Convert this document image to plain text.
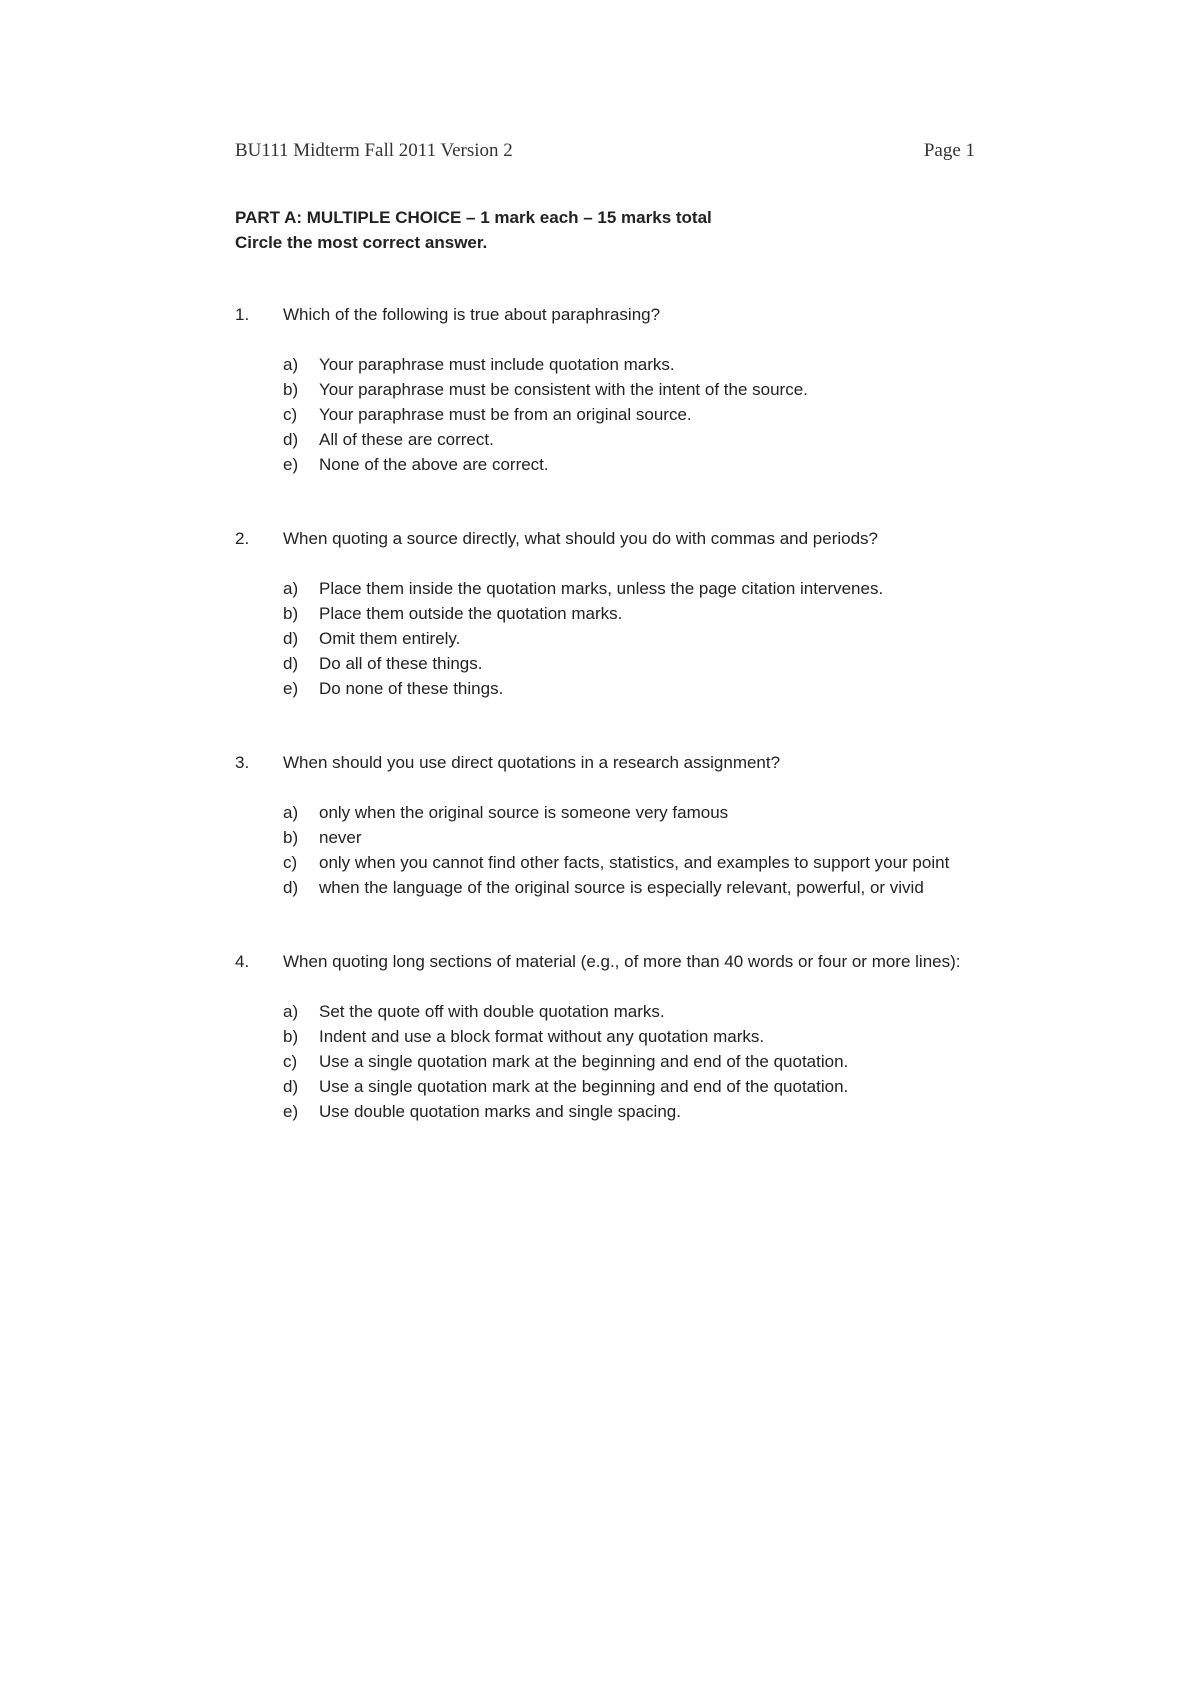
BU111 Midterm Fall 2011 Version 2	Page 1
PART A: MULTIPLE CHOICE – 1 mark each – 15 marks total
Circle the most correct answer.
1. Which of the following is true about paraphrasing?
a) Your paraphrase must include quotation marks.
b) Your paraphrase must be consistent with the intent of the source.
c) Your paraphrase must be from an original source.
d) All of these are correct.
e) None of the above are correct.
2. When quoting a source directly, what should you do with commas and periods?
a) Place them inside the quotation marks, unless the page citation intervenes.
b) Place them outside the quotation marks.
d) Omit them entirely.
d) Do all of these things.
e) Do none of these things.
3. When should you use direct quotations in a research assignment?
a) only when the original source is someone very famous
b) never
c) only when you cannot find other facts, statistics, and examples to support your point
d) when the language of the original source is especially relevant, powerful, or vivid
4. When quoting long sections of material (e.g., of more than 40 words or four or more lines):
a) Set the quote off with double quotation marks.
b) Indent and use a block format without any quotation marks.
c) Use a single quotation mark at the beginning and end of the quotation.
d) Use a single quotation mark at the beginning and end of the quotation.
e) Use double quotation marks and single spacing.
